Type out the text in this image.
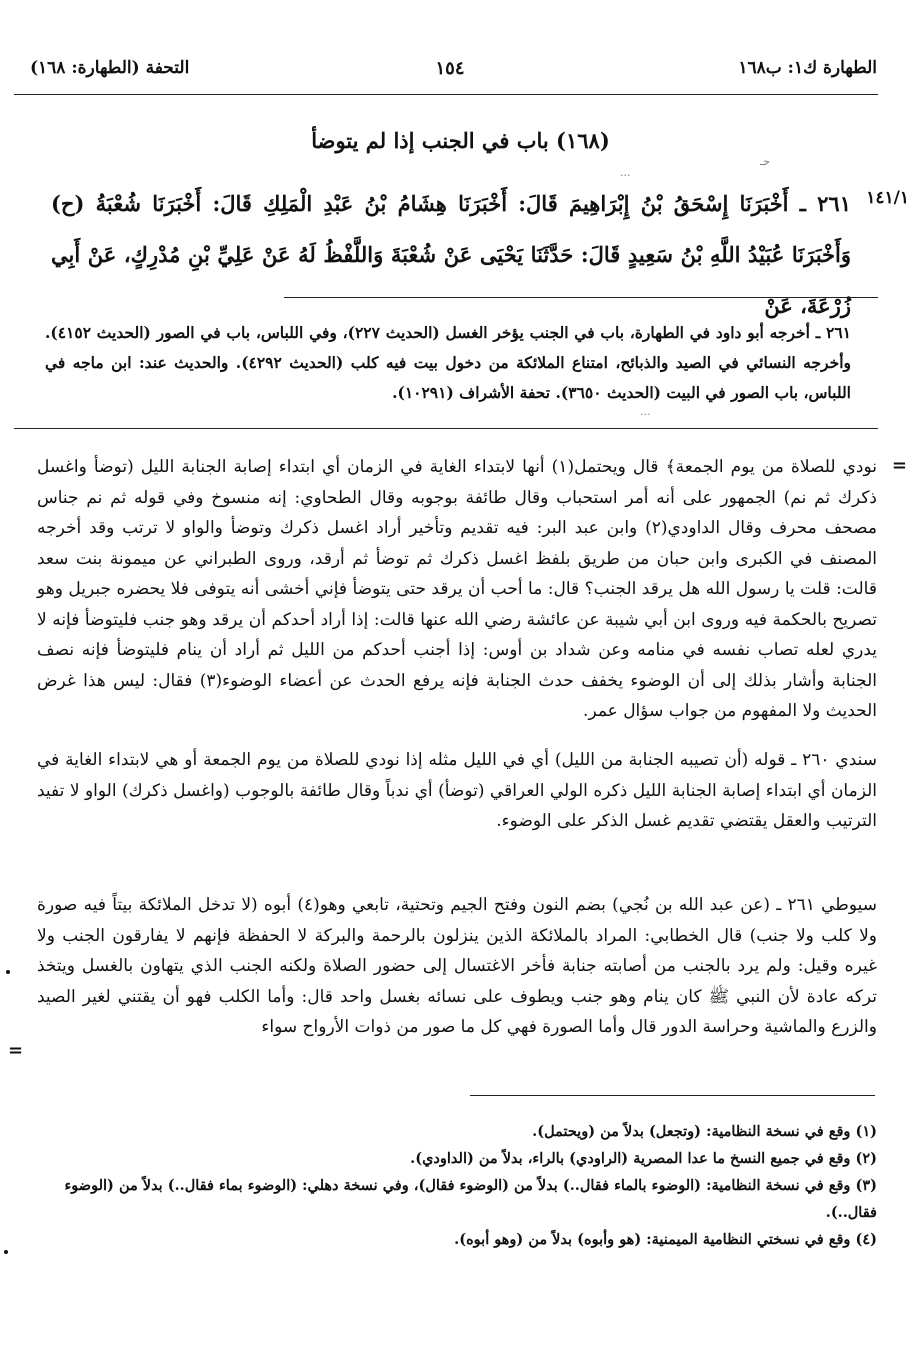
الطهارة ك١: ب١٦٨
١٥٤
التحفة (الطهارة: ١٦٨)
(١٦٨) باب في الجنب إذا لم يتوضأ
حـ
...
١٤١/١
٢٦١ ـ أَخْبَرَنَا إِسْحَقُ بْنُ إِبْرَاهِيمَ قَالَ: أَخْبَرَنَا هِشَامُ بْنُ عَبْدِ الْمَلِكِ قَالَ: أَخْبَرَنَا شُعْبَةُ (ح) وَأَخْبَرَنَا عُبَيْدُ اللَّهِ بْنُ سَعِيدٍ قَالَ: حَدَّثَنَا يَحْيَى عَنْ شُعْبَةَ وَاللَّفْظُ لَهُ عَنْ عَلِيِّ بْنِ مُدْرِكٍ، عَنْ أَبِي زُرْعَةَ، عَنْ
٢٦١ ـ أخرجه أبو داود في الطهارة، باب في الجنب يؤخر الغسل (الحديث ٢٢٧)، وفي اللباس، باب في الصور (الحديث ٤١٥٢). وأخرجه النسائي في الصيد والذبائح، امتناع الملائكة من دخول بيت فيه كلب (الحديث ٤٢٩٢). والحديث عند: ابن ماجه في اللباس، باب الصور في البيت (الحديث ٣٦٥٠). تحفة الأشراف (١٠٢٩١).
...
=
نودي للصلاة من يوم الجمعة﴾ قال ويحتمل(١) أنها لابتداء الغاية في الزمان أي ابتداء إصابة الجنابة الليل (توضأ واغسل ذكرك ثم نم) الجمهور على أنه أمر استحباب وقال طائفة بوجوبه وقال الطحاوي: إنه منسوخ وفي قوله ثم نم جناس مصحف محرف وقال الداودي(٢) وابن عبد البر: فيه تقديم وتأخير أراد اغسل ذكرك وتوضأ والواو لا ترتب وقد أخرجه المصنف في الكبرى وابن حبان من طريق بلفظ اغسل ذكرك ثم توضأ ثم أرقد، وروى الطبراني عن ميمونة بنت سعد قالت: قلت يا رسول الله هل يرقد الجنب؟ قال: ما أحب أن يرقد حتى يتوضأ فإني أخشى أنه يتوفى فلا يحضره جبريل وهو تصريح بالحكمة فيه وروى ابن أبي شيبة عن عائشة رضي الله عنها قالت: إذا أراد أحدكم أن يرقد وهو جنب فليتوضأ فإنه لا يدري لعله تصاب نفسه في منامه وعن شداد بن أوس: إذا أجنب أحدكم من الليل ثم أراد أن ينام فليتوضأ فإنه نصف الجنابة وأشار بذلك إلى أن الوضوء يخفف حدث الجنابة فإنه يرفع الحدث عن أعضاء الوضوء(٣) فقال: ليس هذا غرض الحديث ولا المفهوم من جواب سؤال عمر.
سندي ٢٦٠ ـ قوله (أن تصيبه الجنابة من الليل) أي في الليل مثله إذا نودي للصلاة من يوم الجمعة أو هي لابتداء الغاية في الزمان أي ابتداء إصابة الجنابة الليل ذكره الولي العراقي (توضأ) أي ندباً وقال طائفة بالوجوب (واغسل ذكرك) الواو لا تفيد الترتيب والعقل يقتضي تقديم غسل الذكر على الوضوء.
سيوطي ٢٦١ ـ (عن عبد الله بن نُجي) بضم النون وفتح الجيم وتحتية، تابعي وهو(٤) أبوه (لا تدخل الملائكة بيتاً فيه صورة ولا كلب ولا جنب) قال الخطابي: المراد بالملائكة الذين ينزلون بالرحمة والبركة لا الحفظة فإنهم لا يفارقون الجنب ولا غيره وقيل: ولم يرد بالجنب من أصابته جنابة فأخر الاغتسال إلى حضور الصلاة ولكنه الجنب الذي يتهاون بالغسل ويتخذ تركه عادة لأن النبي ﷺ كان ينام وهو جنب ويطوف على نسائه بغسل واحد قال: وأما الكلب فهو أن يقتني لغير الصيد والزرع والماشية وحراسة الدور قال وأما الصورة فهي كل ما صور من ذوات الأرواح سواء
=
(١) وقع في نسخة النظامية: (وتجعل) بدلاً من (ويحتمل).
(٢) وقع في جميع النسخ ما عدا المصرية (الراودي) بالراء، بدلاً من (الداودي).
(٣) وقع في نسخة النظامية: (الوضوء بالماء فقال..) بدلاً من (الوضوء فقال)، وفي نسخة دهلي: (الوضوء بماء فقال..) بدلاً من (الوضوء فقال..).
(٤) وقع في نسختي النظامية الميمنية: (هو وأبوه) بدلاً من (وهو أبوه).
